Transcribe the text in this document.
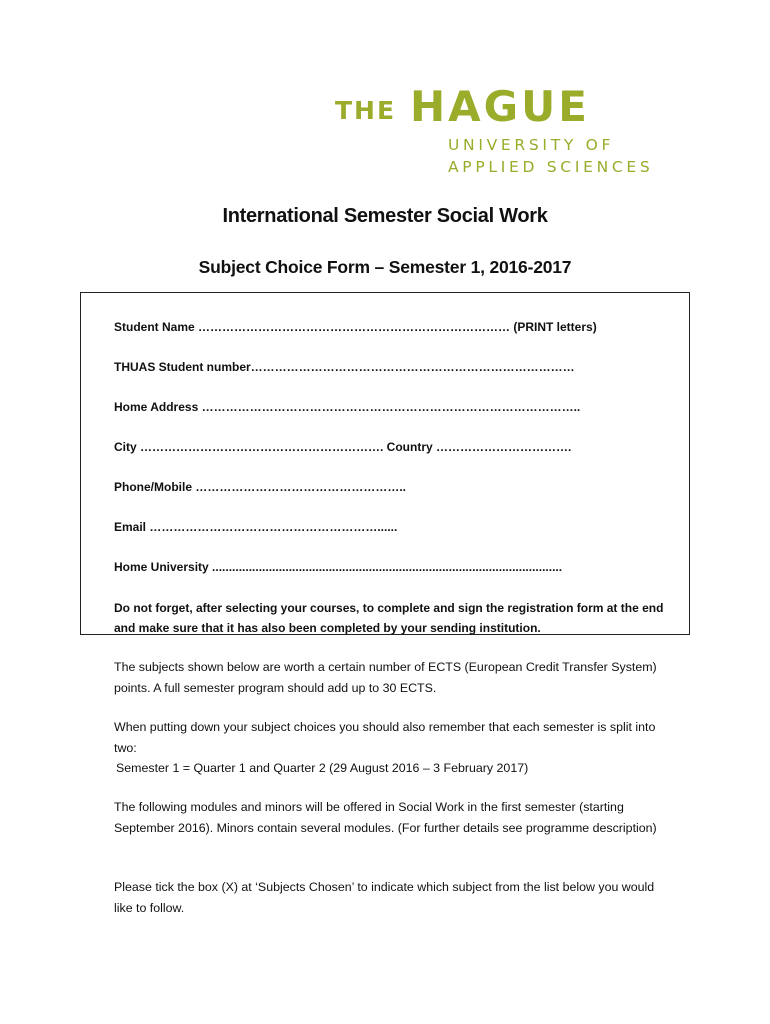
THE HAGUE
UNIVERSITY OF
APPLIED SCIENCES
International Semester Social Work
Subject Choice Form – Semester 1, 2016-2017
Student Name …………………………………………………………………… (PRINT letters)
THUAS Student number………………………………………………………………………
Home Address …………………………………………………………………………………..
City ……………………………………………………. Country …………………………….
Phone/Mobile ……………………………………………..
Email …………………………………………………......
Home University .........................................................................................................
Do not forget, after selecting your courses, to complete and sign the registration form at the end and make sure that it has also been completed by your sending institution.
The subjects shown below are worth a certain number of ECTS (European Credit Transfer System) points. A full semester program should add up to 30 ECTS.
When putting down your subject choices you should also remember that each semester is split into two:
Semester 1 = Quarter 1 and Quarter 2 (29 August 2016 – 3 February 2017)
The following modules and minors will be offered in Social Work in the first semester (starting September 2016). Minors contain several modules. (For further details see programme description)
Please tick the box (X) at ‘Subjects Chosen’ to indicate which subject from the list below you would like to follow.
